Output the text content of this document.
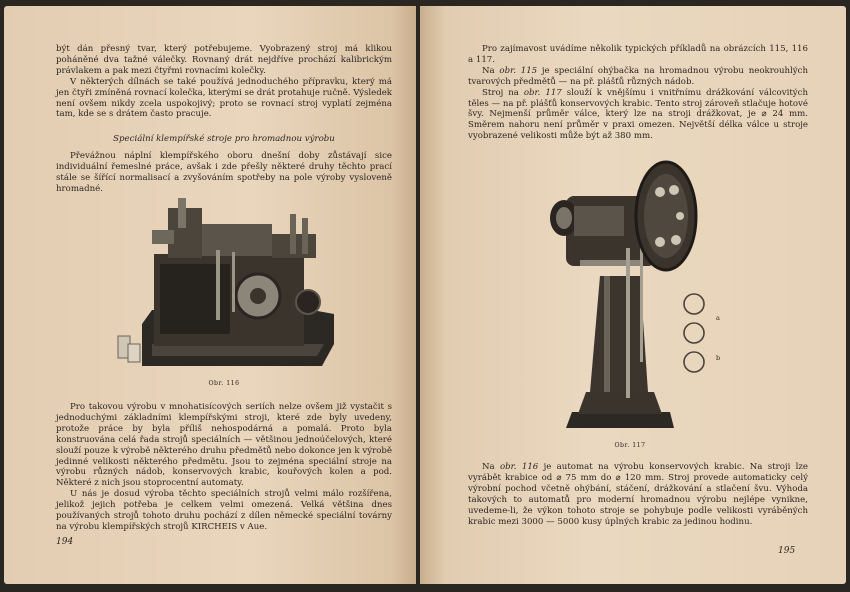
být dán přesný tvar, který potřebujeme. Vyobrazený stroj má klikou poháněné dva tažné válečky. Rovnaný drát nejdříve prochází kalibrickým právlakem a pak mezi čtyřmi rovnacími kolečky.

V některých dílnách se také používá jednoduchého přípravku, který má jen čtyři zmíněná rovnací kolečka, kterými se drát protahuje ručně. Výsledek není ovšem nikdy zcela uspokojivý; proto se rovnací stroj vyplatí zejména tam, kde se s drátem často pracuje.

Speciální klempířské stroje pro hromadnou výrobu

Převážnou náplní klempířského oboru dnešní doby zůstávají sice individuální řemeslné práce, avšak i zde přešly některé druhy těchto prací stále se šířící normalisací a zvyšováním spotřeby na pole výroby vysloveně hromadné.

Obr. 116

Pro takovou výrobu v mnohatisícových seriích nelze ovšem již vystačit s jednoduchými základními klempířskými stroji, které zde byly uvedeny, protože práce by byla příliš nehospodárná a pomalá. Proto byla konstruována celá řada strojů speciálních — většinou jednoúčelových, které slouží pouze k výrobě některého druhu předmětů nebo dokonce jen k výrobě jedinné velikosti některého předmětu. Jsou to zejména speciální stroje na výrobu různých nádob, konservových krabic, kouřových kolen a pod. Některé z nich jsou stoprocentní automaty.

U nás je dosud výroba těchto speciálních strojů velmi málo rozšířena, jelikož jejich potřeba je celkem velmi omezená. Velká většina dnes používaných strojů tohoto druhu pochází z dílen německé speciální továrny na výrobu klempířských strojů KIRCHEIS v Aue.

194

Pro zajímavost uvádíme několik typických příkladů na obrázcích 115, 116 a 117.

Na obr. 115 je speciální ohýbačka na hromadnou výrobu neokrouhlých tvarových předmětů — na př. plášťů různých nádob.

Stroj na obr. 117 slouží k vnějšímu i vnitřnímu drážkování válcovitých těles — na př. plášťů konservových krabic. Tento stroj zároveň stlačuje hotové švy. Nejmenší průměr válce, který lze na stroji drážkovat, je ⌀ 24 mm. Směrem nahoru není průměr v praxi omezen. Největší délka válce u stroje vyobrazené velikosti může být až 380 mm.

a

b

Obr. 117

Na obr. 116 je automat na výrobu konservových krabic. Na stroji lze vyrábět krabice od ⌀ 75 mm do ⌀ 120 mm. Stroj provede automaticky celý výrobní pochod včetně ohýbání, stáčení, drážkování a stlačení švu. Výhoda takových to automatů pro moderní hromadnou výrobu nejlépe vynikne, uvedeme-li, že výkon tohoto stroje se pohybuje podle velikosti vyráběných krabic mezi 3000 — 5000 kusy úplných krabic za jedinou hodinu.

195
